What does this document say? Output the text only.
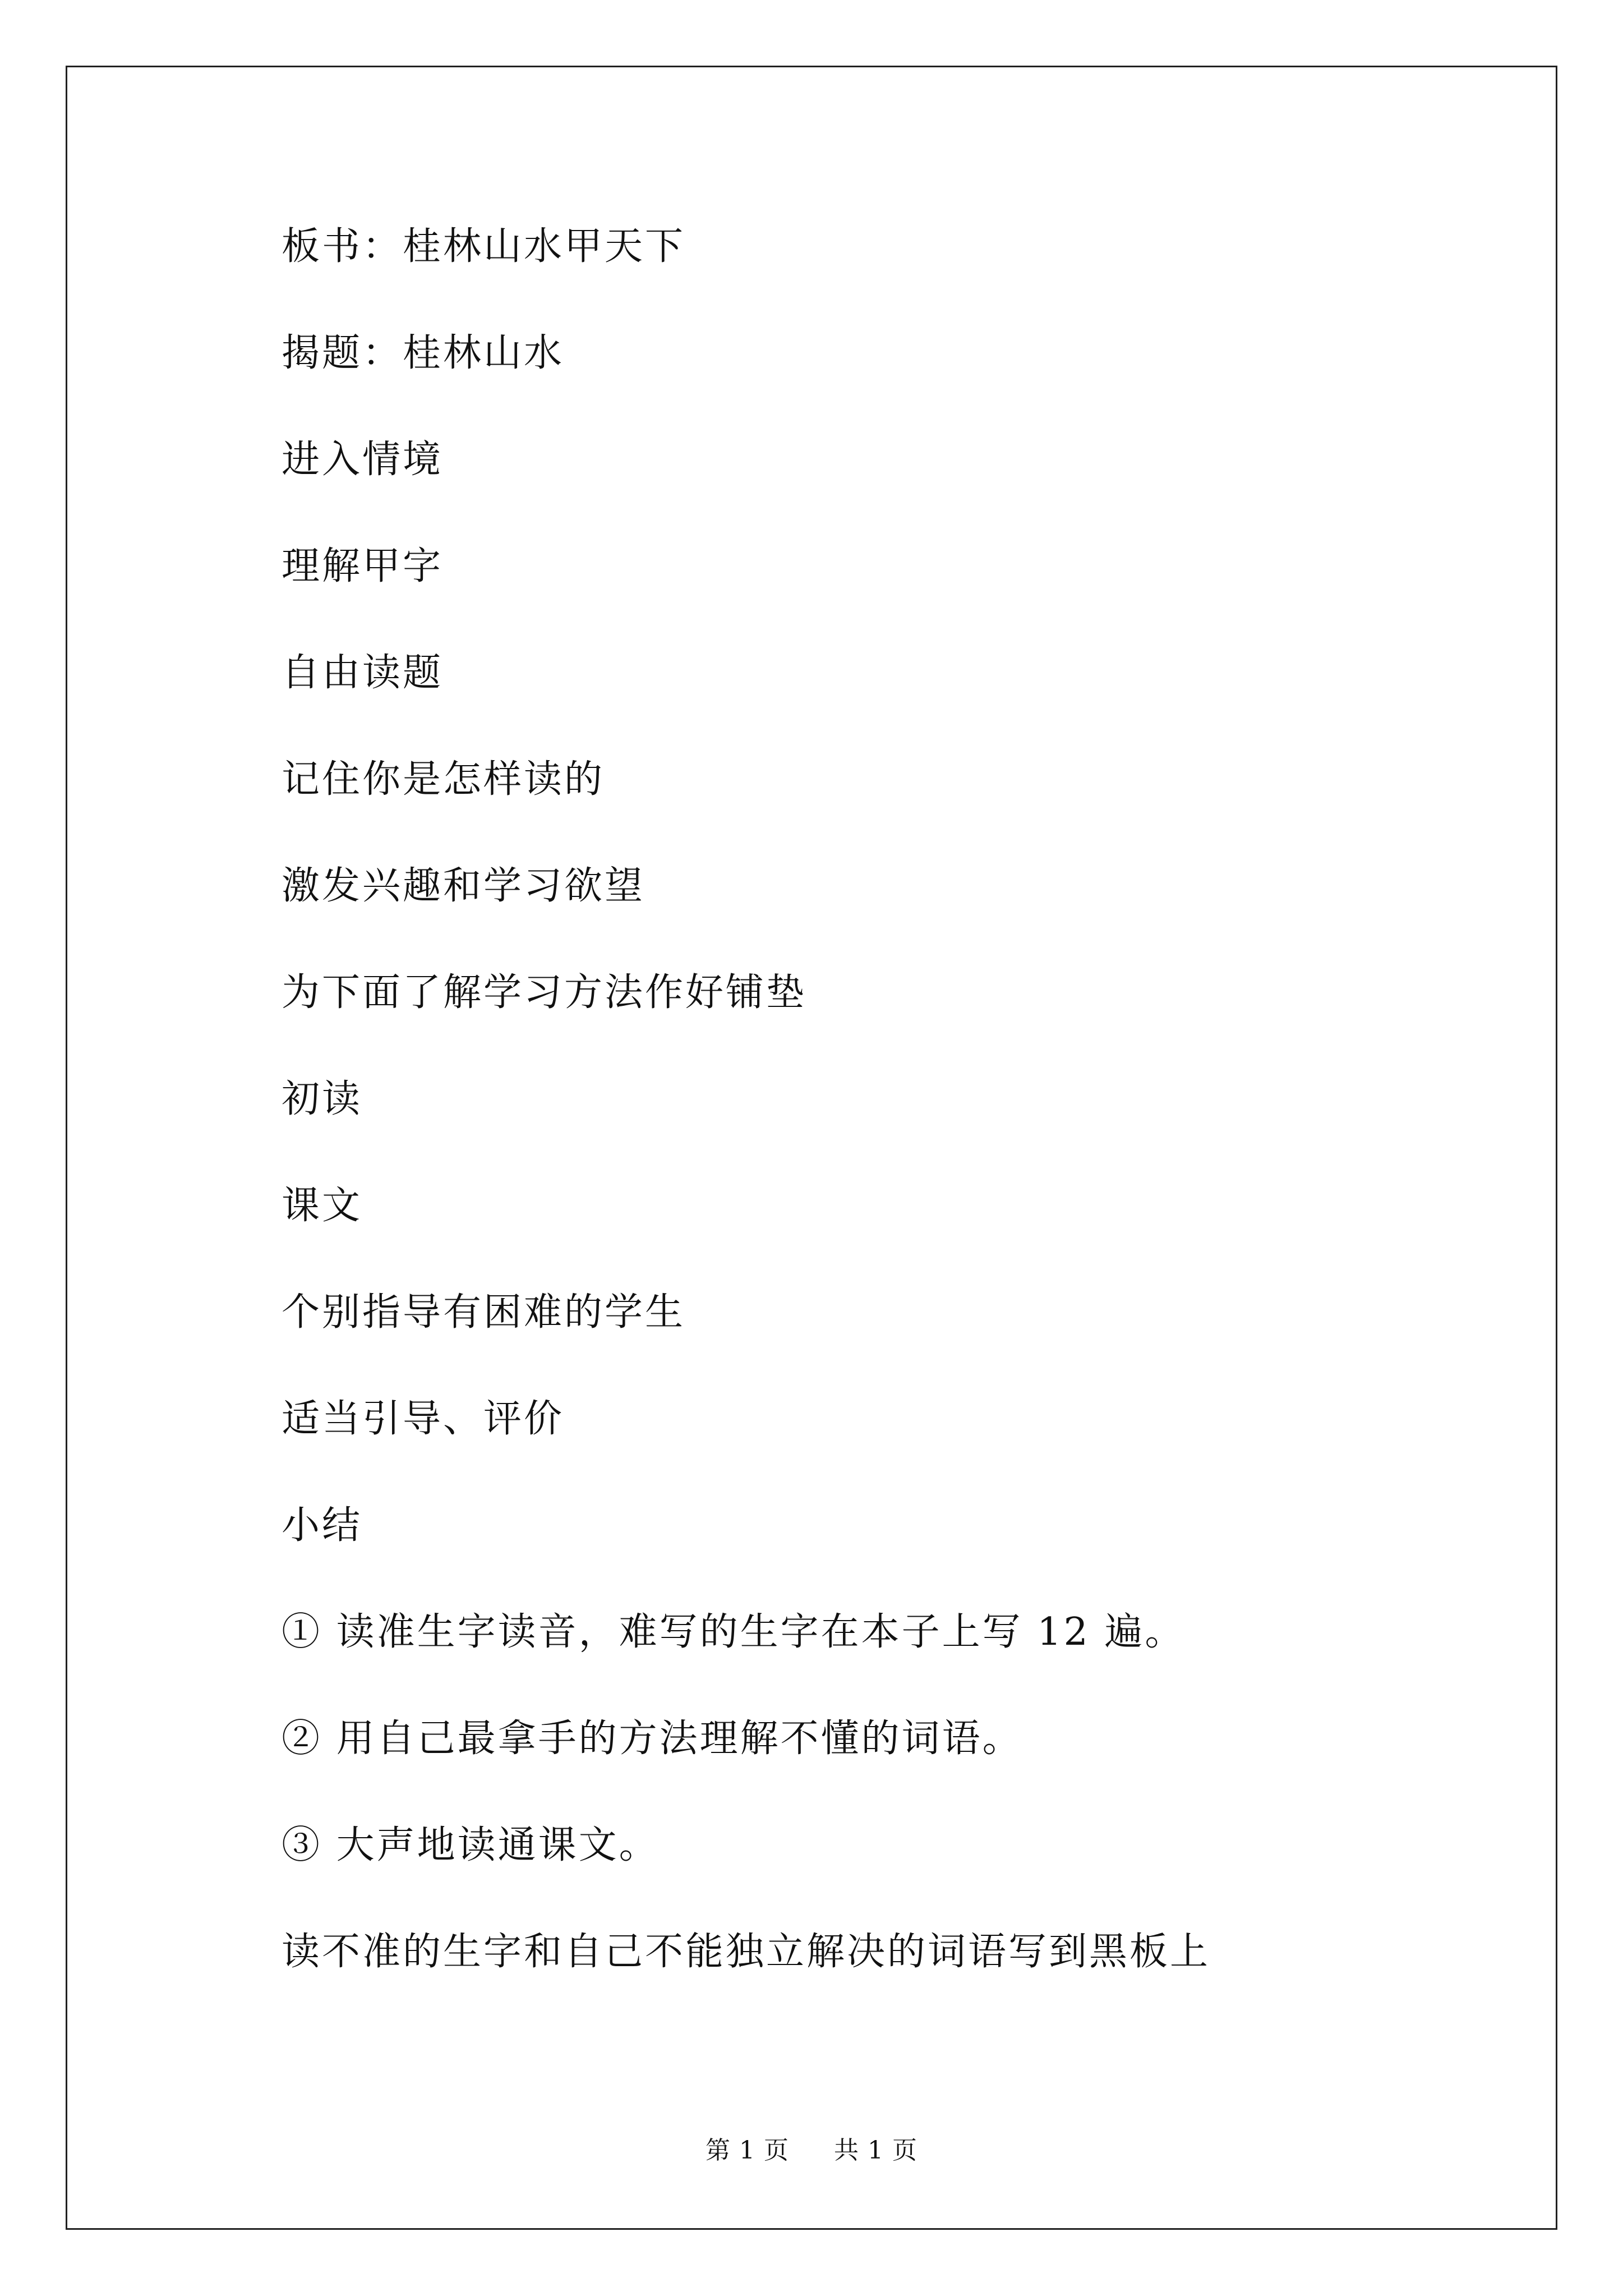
板书：桂林山水甲天下
揭题：桂林山水
进入情境
理解甲字
自由读题
记住你是怎样读的
激发兴趣和学习欲望
为下面了解学习方法作好铺垫
初读
课文
个别指导有困难的学生
适当引导、评价
小结
① 读准生字读音，难写的生字在本子上写 12 遍。
② 用自己最拿手的方法理解不懂的词语。
③ 大声地读通课文。
读不准的生字和自己不能独立解决的词语写到黑板上
第 1 页 共 1 页
